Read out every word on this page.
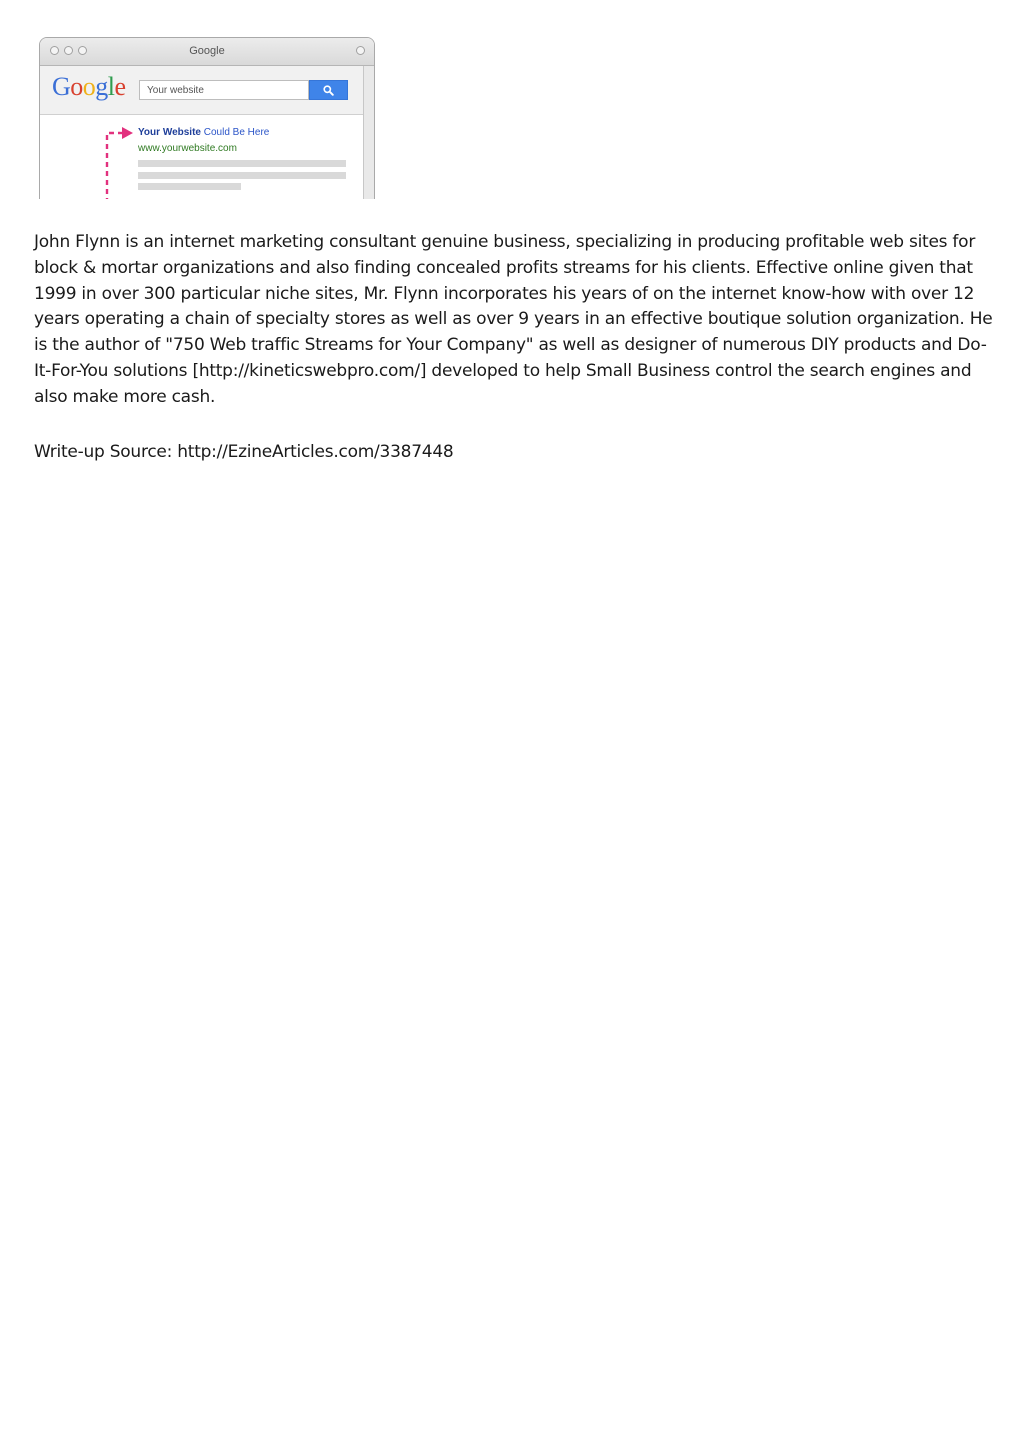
Google
Google
Your website
Your Website Could Be Here
www.yourwebsite.com

John Flynn is an internet marketing consultant genuine business, specializing in producing profitable web sites for block & mortar organizations and also finding concealed profits streams for his clients. Effective online given that 1999 in over 300 particular niche sites, Mr. Flynn incorporates his years of on the internet know-how with over 12 years operating a chain of specialty stores as well as over 9 years in an effective boutique solution organization. He is the author of "750 Web traffic Streams for Your Company" as well as designer of numerous DIY products and Do-It-For-You solutions [http://kineticswebpro.com/] developed to help Small Business control the search engines and also make more cash.

Write-up Source: http://EzineArticles.com/3387448
